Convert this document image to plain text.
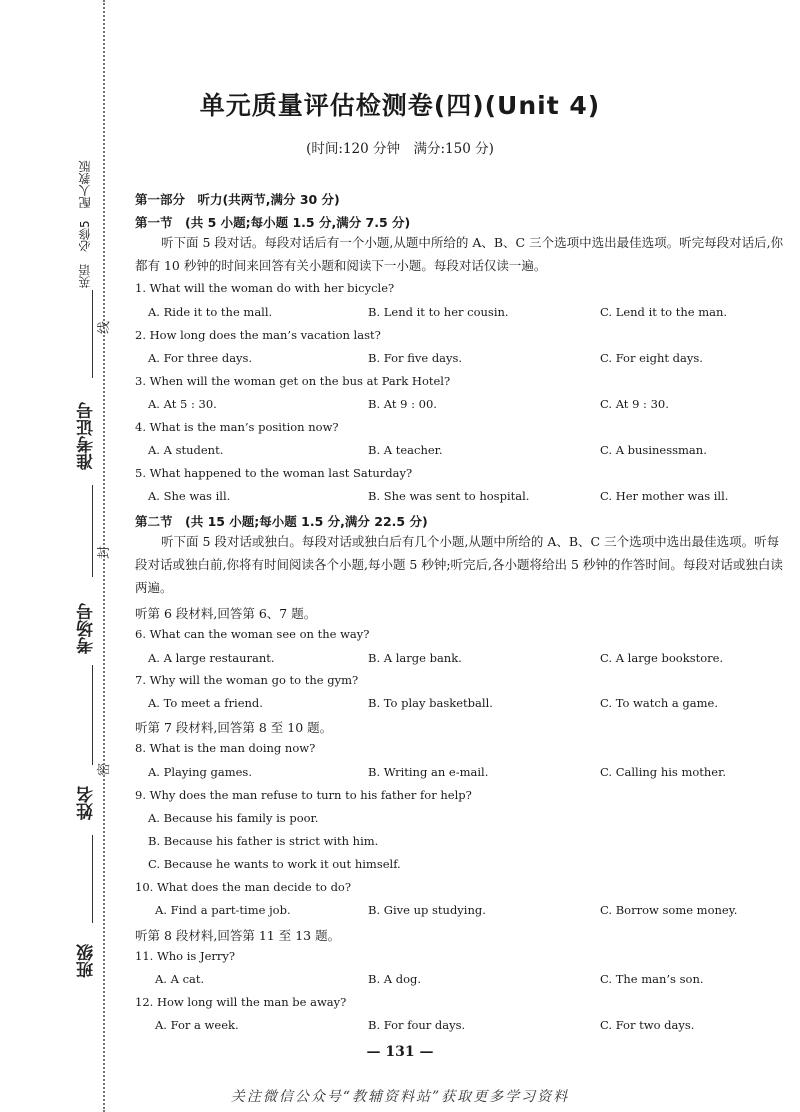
英语　必修5　配人教版
准考证号
考场号
姓名
班级
线
封
密
单元质量评估检测卷(四)(Unit 4)
(时间:120 分钟　满分:150 分)
第一部分　听力(共两节,满分 30 分)
第一节　(共 5 小题;每小题 1.5 分,满分 7.5 分)
听下面 5 段对话。每段对话后有一个小题,从题中所给的 A、B、C 三个选项中选出最佳选项。听完每段对话后,你都有 10 秒钟的时间来回答有关小题和阅读下一小题。每段对话仅读一遍。
1. What will the woman do with her bicycle?
A. Ride it to the mall.	B. Lend it to her cousin.	C. Lend it to the man.
2. How long does the man’s vacation last?
A. For three days.	B. For five days.	C. For eight days.
3. When will the woman get on the bus at Park Hotel?
A. At 5 : 30.	B. At 9 : 00.	C. At 9 : 30.
4. What is the man’s position now?
A. A student.	B. A teacher.	C. A businessman.
5. What happened to the woman last Saturday?
A. She was ill.	B. She was sent to hospital.	C. Her mother was ill.
第二节　(共 15 小题;每小题 1.5 分,满分 22.5 分)
听下面 5 段对话或独白。每段对话或独白后有几个小题,从题中所给的 A、B、C 三个选项中选出最佳选项。听每段对话或独白前,你将有时间阅读各个小题,每小题 5 秒钟;听完后,各小题将给出 5 秒钟的作答时间。每段对话或独白读两遍。
听第 6 段材料,回答第 6、7 题。
6. What can the woman see on the way?
A. A large restaurant.	B. A large bank.	C. A large bookstore.
7. Why will the woman go to the gym?
A. To meet a friend.	B. To play basketball.	C. To watch a game.
听第 7 段材料,回答第 8 至 10 题。
8. What is the man doing now?
A. Playing games.	B. Writing an e-mail.	C. Calling his mother.
9. Why does the man refuse to turn to his father for help?
A. Because his family is poor.
B. Because his father is strict with him.
C. Because he wants to work it out himself.
10. What does the man decide to do?
A. Find a part-time job.	B. Give up studying.	C. Borrow some money.
听第 8 段材料,回答第 11 至 13 题。
11. Who is Jerry?
A. A cat.	B. A dog.	C. The man’s son.
12. How long will the man be away?
A. For a week.	B. For four days.	C. For two days.
— 131 —
关注微信公众号“教辅资料站”获取更多学习资料
